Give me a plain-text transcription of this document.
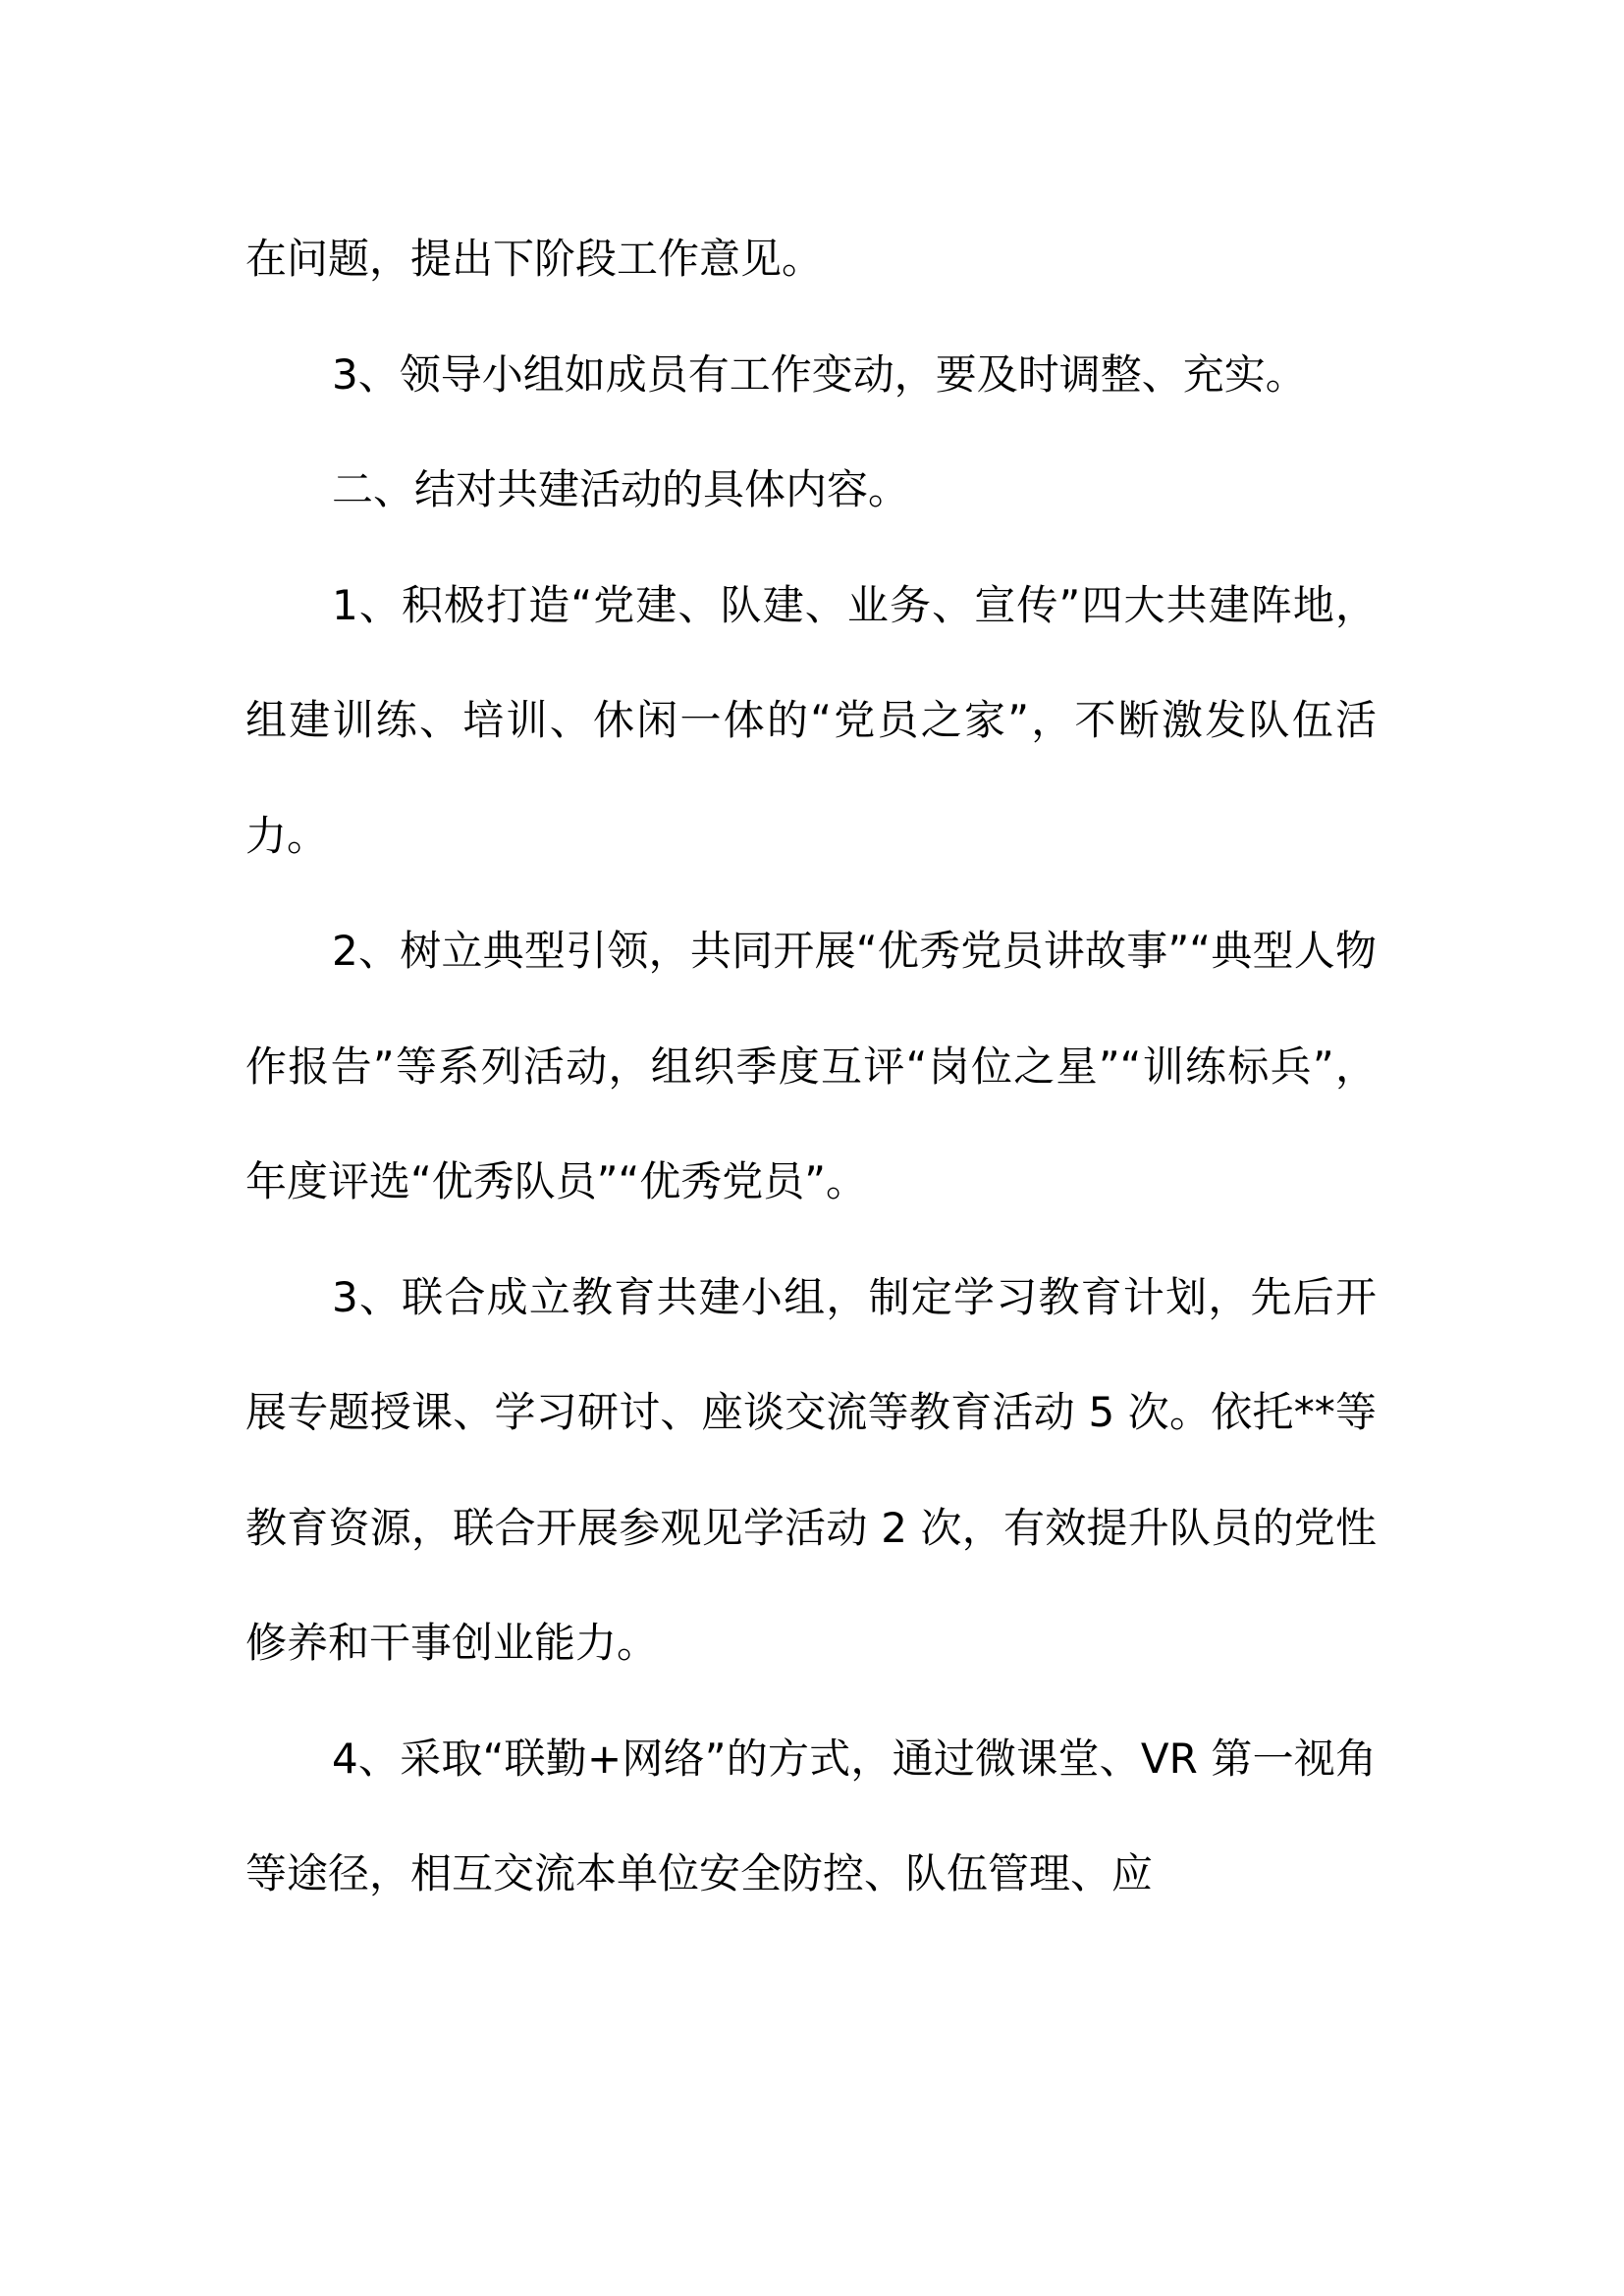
在问题，提出下阶段工作意见。

3、领导小组如成员有工作变动，要及时调整、充实。

二、结对共建活动的具体内容。

1、积极打造“党建、队建、业务、宣传”四大共建阵地，组建训练、培训、休闲一体的“党员之家”，不断激发队伍活力。

2、树立典型引领，共同开展“优秀党员讲故事”“典型人物作报告”等系列活动，组织季度互评“岗位之星”“训练标兵”，年度评选“优秀队员”“优秀党员”。

3、联合成立教育共建小组，制定学习教育计划，先后开展专题授课、学习研讨、座谈交流等教育活动 5 次。依托**等教育资源，联合开展参观见学活动 2 次，有效提升队员的党性修养和干事创业能力。

4、采取“联勤+网络”的方式，通过微课堂、VR 第一视角等途径，相互交流本单位安全防控、队伍管理、应
